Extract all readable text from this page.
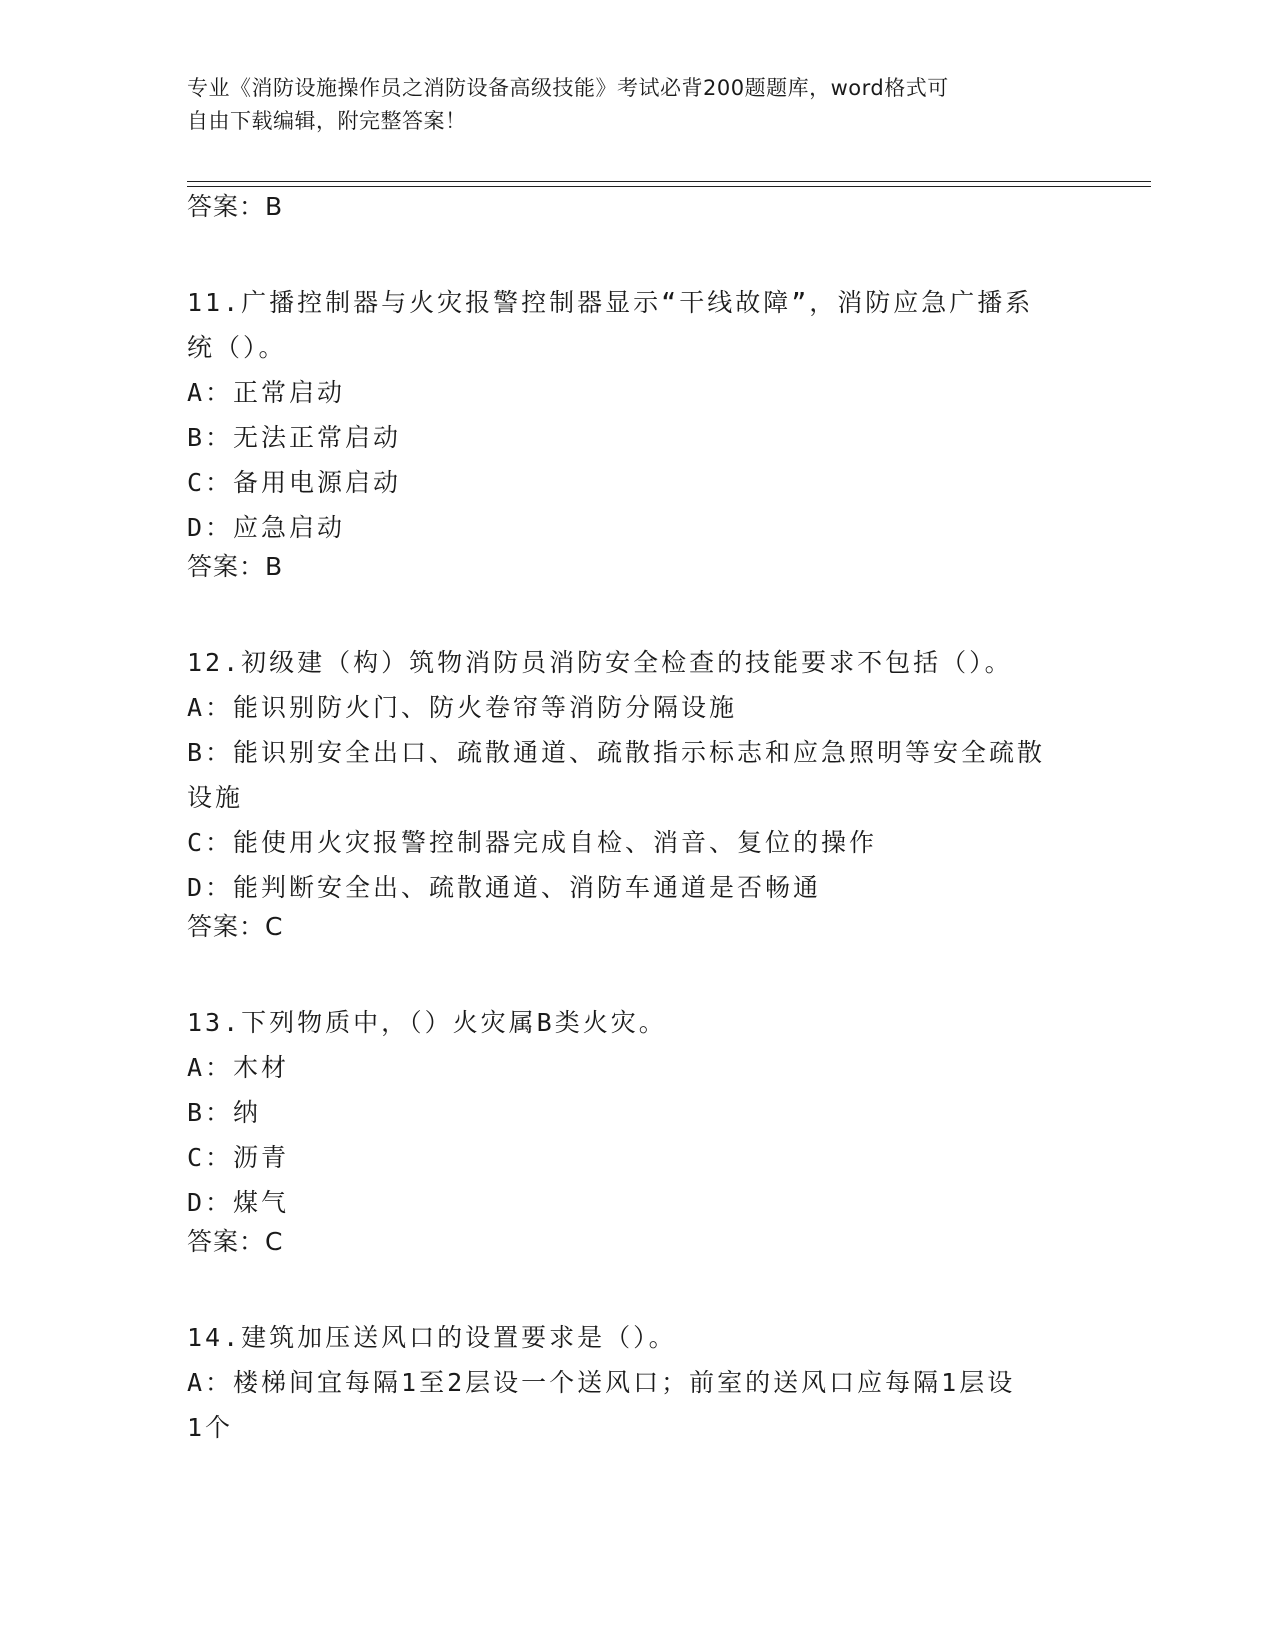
专业《消防设施操作员之消防设备高级技能》考试必背200题题库，word格式可
自由下载编辑，附完整答案！
答案：B
11.广播控制器与火灾报警控制器显示“干线故障”，消防应急广播系
统（）。
A：正常启动
B：无法正常启动
C：备用电源启动
D：应急启动
答案：B
12.初级建（构）筑物消防员消防安全检查的技能要求不包括（）。
A：能识别防火门、防火卷帘等消防分隔设施
B：能识别安全出口、疏散通道、疏散指示标志和应急照明等安全疏散
设施
C：能使用火灾报警控制器完成自检、消音、复位的操作
D：能判断安全出、疏散通道、消防车通道是否畅通
答案：C
13.下列物质中，（）火灾属B类火灾。
A：木材
B：纳
C：沥青
D：煤气
答案：C
14.建筑加压送风口的设置要求是（）。
A：楼梯间宜每隔1至2层设一个送风口；前室的送风口应每隔1层设
1个
